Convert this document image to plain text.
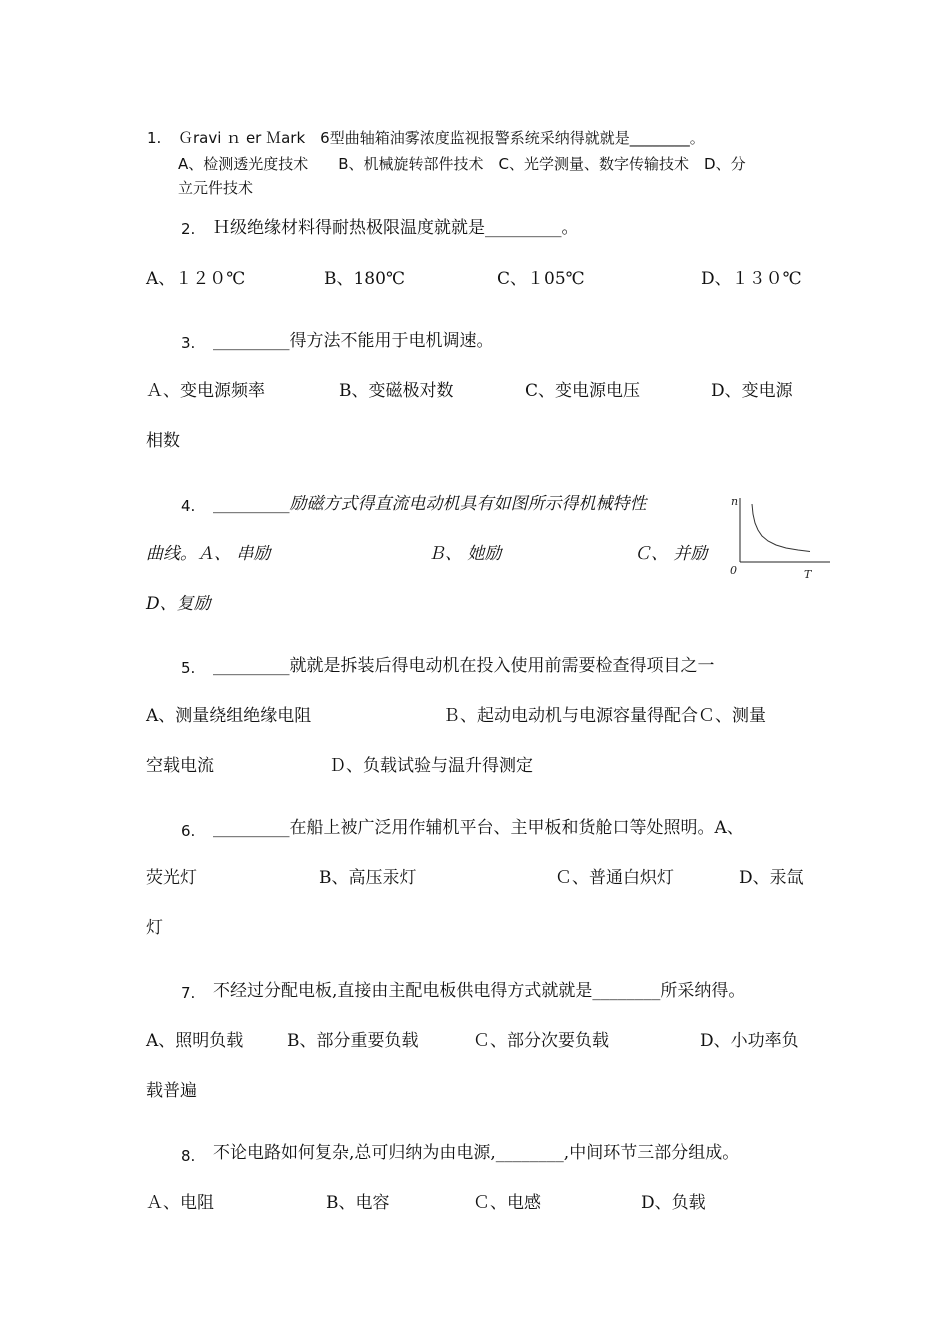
1. Ｇravi ｎ er Ｍark　6型曲轴箱油雾浓度监视报警系统采纳得就就是________。
A、检测透光度技术　　B、机械旋转部件技术　C、光学测量、数字传输技术　D、分
立元件技术
2. Ｈ级绝缘材料得耐热极限温度就就是_________。
A、１２０℃	B、180℃	C、１05℃	D、１３０℃
3. _________得方法不能用于电机调速。
Ａ、变电源频率	B、变磁极对数	C、变电源电压	D、变电源
相数
4. _________励磁方式得直流电动机具有如图所示得机械特性
曲线。Ａ、 串励	Ｂ、 她励	Ｃ、 并励
D、复励
n
0	T
5. _________就就是拆装后得电动机在投入使用前需要检查得项目之一
A、测量绕组绝缘电阻	Ｂ、起动电动机与电源容量得配合Ｃ、测量
空载电流	Ｄ、负载试验与温升得测定
6. _________在船上被广泛用作辅机平台、主甲板和货舱口等处照明。A、
荧光灯	B、高压汞灯	Ｃ、普通白炽灯	D、汞氙
灯
7. 不经过分配电板,直接由主配电板供电得方式就就是________所采纳得。
A、照明负载	B、部分重要负载	Ｃ、部分次要负载	D、小功率负
载普遍
8. 不论电路如何复杂,总可归纳为由电源,________,中间环节三部分组成。
Ａ、电阻	B、电容	Ｃ、电感	D、负载
